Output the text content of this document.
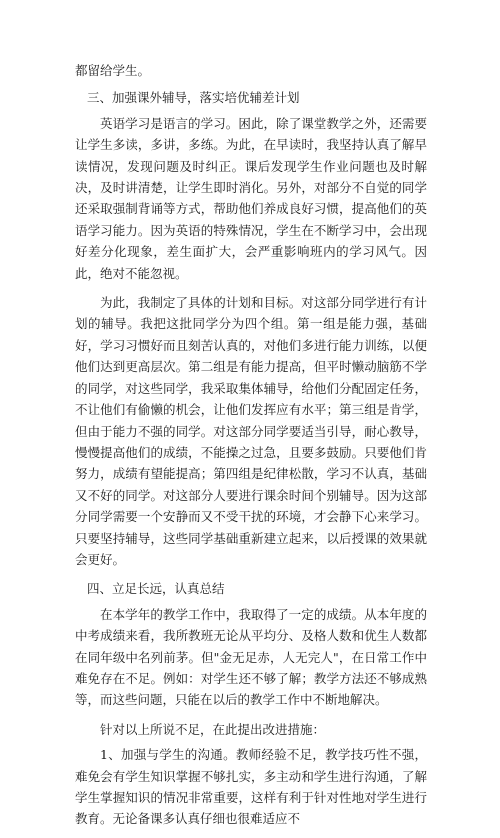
都留给学生。

三、加强课外辅导，落实培优辅差计划

英语学习是语言的学习。困此，除了课堂教学之外，还需要让学生多读，多讲，多练。为此，在早读时，我坚持认真了解早读情况，发现问题及时纠正。课后发现学生作业问题也及时解决，及时讲清楚，让学生即时消化。另外，对部分不自觉的同学还采取强制背诵等方式，帮助他们养成良好习惯，提高他们的英语学习能力。因为英语的特殊情况，学生在不断学习中，会出现好差分化现象，差生面扩大，会严重影响班内的学习风气。因此，绝对不能忽视。

为此，我制定了具体的计划和目标。对这部分同学进行有计划的辅导。我把这批同学分为四个组。第一组是能力强，基础好，学习习惯好而且刻苦认真的，对他们多进行能力训练，以便他们达到更高层次。第二组是有能力提高，但平时懒动脑筋不学的同学，对这些同学，我采取集体辅导，给他们分配固定任务，不让他们有偷懒的机会，让他们发挥应有水平；第三组是肯学，但由于能力不强的同学。对这部分同学要适当引导，耐心教导，慢慢提高他们的成绩，不能操之过急，且要多鼓励。只要他们肯努力，成绩有望能提高；第四组是纪律松散，学习不认真，基础又不好的同学。对这部分人要进行课余时间个别辅导。因为这部分同学需要一个安静而又不受干扰的环境，才会静下心来学习。只要坚持辅导，这些同学基础重新建立起来，以后授课的效果就会更好。

四、立足长远，认真总结

在本学年的教学工作中，我取得了一定的成绩。从本年度的中考成绩来看，我所教班无论从平均分、及格人数和优生人数都在同年级中名列前茅。但"金无足赤，人无完人"，在日常工作中难免存在不足。例如：对学生还不够了解；教学方法还不够成熟等，而这些问题，只能在以后的教学工作中不断地解决。

针对以上所说不足，在此提出改进措施：

1、加强与学生的沟通。教师经验不足，教学技巧性不强，难免会有学生知识掌握不够扎实，多主动和学生进行沟通，了解学生掌握知识的情况非常重要，这样有利于针对性地对学生进行教育。无论备课多认真仔细也很难适应不
